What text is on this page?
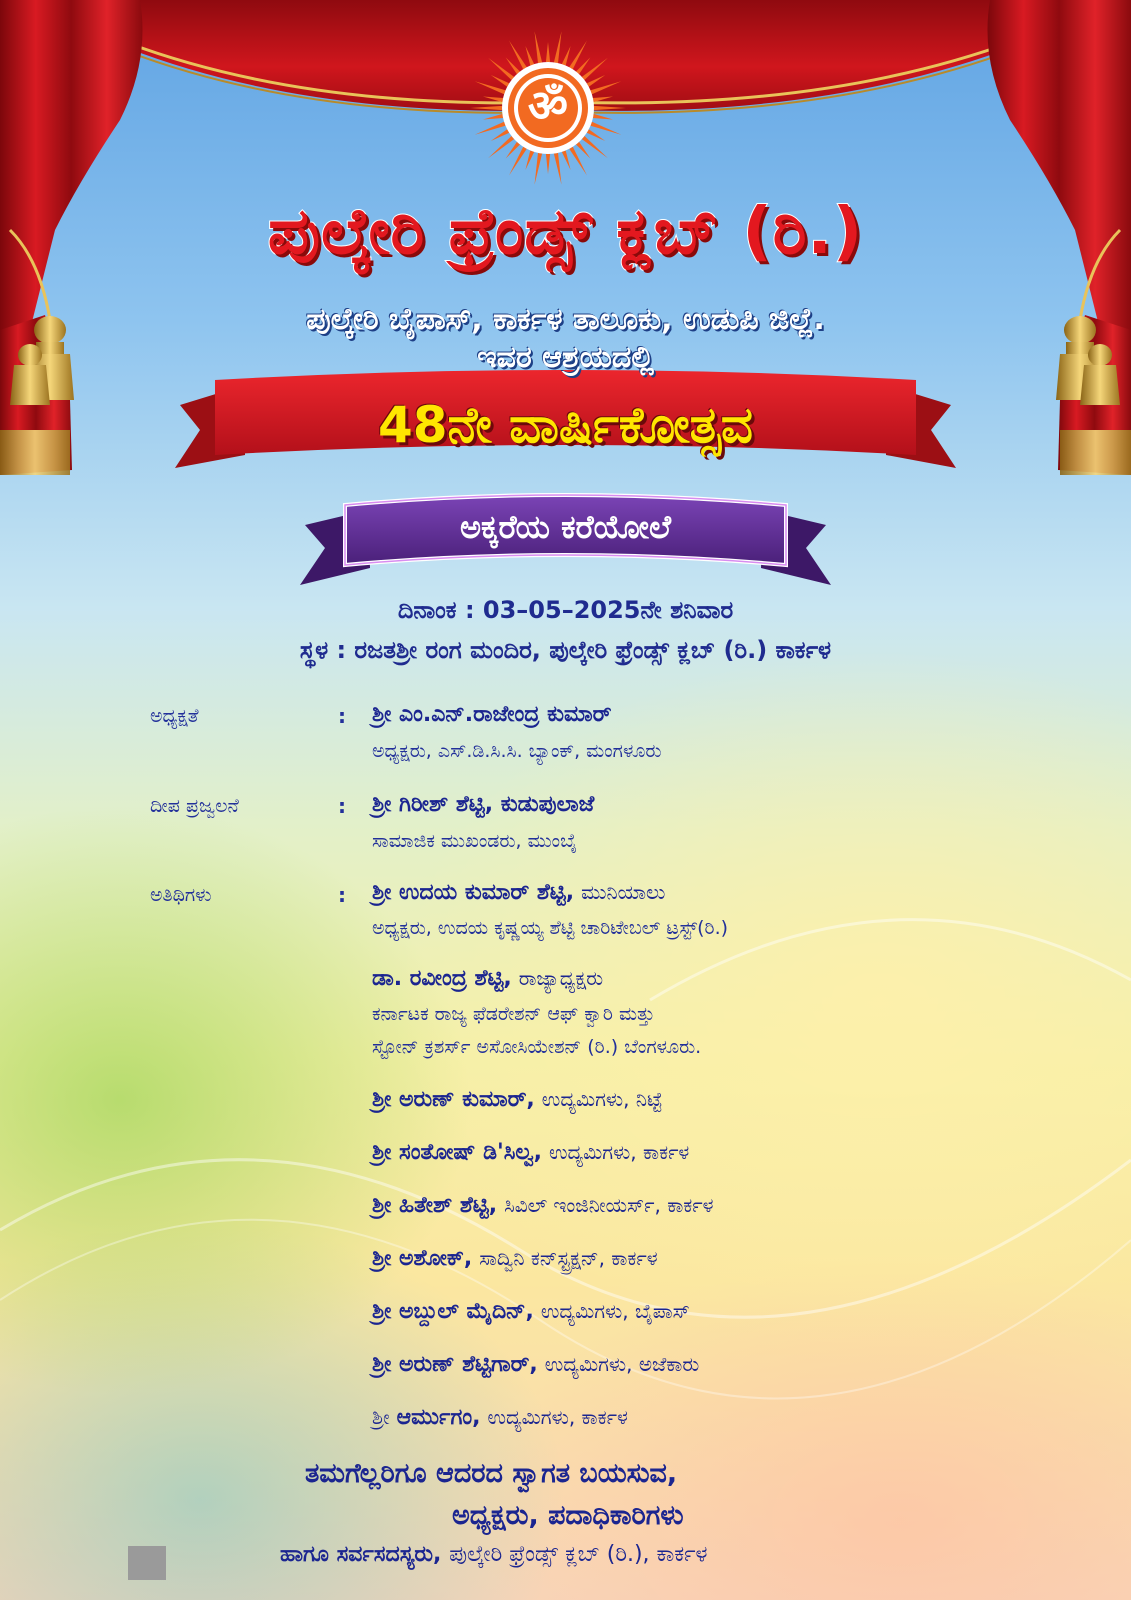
ॐ
ಪುಲ್ಕೇರಿ ಫ್ರೆಂಡ್ಸ್ ಕ್ಲಬ್ (ರಿ.)
ಪುಲ್ಕೇರಿ ಬೈಪಾಸ್, ಕಾರ್ಕಳ ತಾಲೂಕು, ಉಡುಪಿ ಜಿಲ್ಲೆ.
ಇವರ ಆಶ್ರಯದಲ್ಲಿ
48ನೇ ವಾರ್ಷಿಕೋತ್ಸವ
ಅಕ್ಕರೆಯ ಕರೆಯೋಲೆ
ದಿನಾಂಕ : 03–05–2025ನೇ ಶನಿವಾರ
ಸ್ಥಳ : ರಜತಶ್ರೀ ರಂಗ ಮಂದಿರ, ಪುಲ್ಕೇರಿ ಫ್ರೆಂಡ್ಸ್ ಕ್ಲಬ್ (ರಿ.) ಕಾರ್ಕಳ
ಅಧ್ಯಕ್ಷತೆ	: ಶ್ರೀ ಎಂ.ಎನ್.ರಾಜೇಂದ್ರ ಕುಮಾರ್
ಅಧ್ಯಕ್ಷರು, ಎಸ್.ಡಿ.ಸಿ.ಸಿ. ಬ್ಯಾಂಕ್, ಮಂಗಳೂರು
ದೀಪ ಪ್ರಜ್ವಲನೆ	: ಶ್ರೀ ಗಿರೀಶ್ ಶೆಟ್ಟಿ, ಕುಡುಪುಲಾಜೆ
ಸಾಮಾಜಿಕ ಮುಖಂಡರು, ಮುಂಬೈ
ಅತಿಥಿಗಳು	: ಶ್ರೀ ಉದಯ ಕುಮಾರ್ ಶೆಟ್ಟಿ, ಮುನಿಯಾಲು
ಅಧ್ಯಕ್ಷರು, ಉದಯ ಕೃಷ್ಣಯ್ಯ ಶೆಟ್ಟಿ ಚಾರಿಟೇಬಲ್ ಟ್ರಸ್ಟ್(ರಿ.)
ಡಾ. ರವೀಂದ್ರ ಶೆಟ್ಟಿ, ರಾಜ್ಯಾಧ್ಯಕ್ಷರು
ಕರ್ನಾಟಕ ರಾಜ್ಯ ಫೆಡರೇಶನ್ ಆಫ್ ಕ್ವಾರಿ ಮತ್ತು
ಸ್ಟೋನ್ ಕ್ರಶರ್ಸ್ ಅಸೋಸಿಯೇಶನ್ (ರಿ.) ಬೆಂಗಳೂರು.
ಶ್ರೀ ಅರುಣ್ ಕುಮಾರ್, ಉದ್ಯಮಿಗಳು, ನಿಟ್ಟೆ
ಶ್ರೀ ಸಂತೋಷ್ ಡಿ'ಸಿಲ್ವ, ಉದ್ಯಮಿಗಳು, ಕಾರ್ಕಳ
ಶ್ರೀ ಹಿತೇಶ್ ಶೆಟ್ಟಿ, ಸಿವಿಲ್ ಇಂಜಿನೀಯರ್ಸ್, ಕಾರ್ಕಳ
ಶ್ರೀ ಅಶೋಕ್, ಸಾದ್ವಿನಿ ಕನ್‌ಸ್ಟ್ರಕ್ಷನ್, ಕಾರ್ಕಳ
ಶ್ರೀ ಅಬ್ದುಲ್ ಮೈದಿನ್, ಉದ್ಯಮಿಗಳು, ಬೈಪಾಸ್
ಶ್ರೀ ಅರುಣ್ ಶೆಟ್ಟಿಗಾರ್, ಉದ್ಯಮಿಗಳು, ಅಜೆಕಾರು
ಶ್ರೀ ಆರ್ಮುಗಂ, ಉದ್ಯಮಿಗಳು, ಕಾರ್ಕಳ
ತಮಗೆಲ್ಲರಿಗೂ ಆದರದ ಸ್ವಾಗತ ಬಯಸುವ,
ಅಧ್ಯಕ್ಷರು, ಪದಾಧಿಕಾರಿಗಳು
ಹಾಗೂ ಸರ್ವಸದಸ್ಯರು, ಪುಲ್ಕೇರಿ ಫ್ರೆಂಡ್ಸ್ ಕ್ಲಬ್ (ರಿ.), ಕಾರ್ಕಳ
